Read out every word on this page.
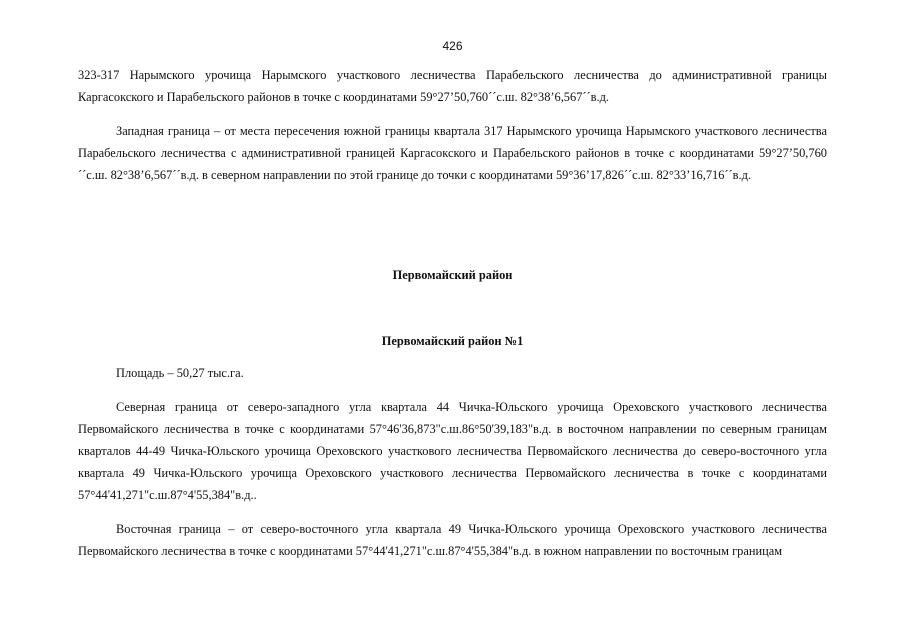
426

323-317 Нарымского урочища Нарымского участкового лесничества Парабельского лесничества до административной границы Каргасокского и Парабельского районов в точке с координатами 59°27’50,760´´с.ш. 82°38’6,567´´в.д.

Западная граница – от места пересечения южной границы квартала 317 Нарымского урочища Нарымского участкового лесничества Парабельского лесничества с административной границей Каргасокского и Парабельского районов в точке с координатами 59°27’50,760´´с.ш. 82°38’6,567´´в.д. в северном направлении по этой границе до точки с координатами 59°36’17,826´´с.ш. 82°33’16,716´´в.д.

Первомайский район

Первомайский район №1

Площадь – 50,27 тыс.га.

Северная граница от северо-западного угла квартала 44 Чичка-Юльского урочища Ореховского участкового лесничества Первомайского лесничества в точке с координатами 57°46'36,873"с.ш.86°50'39,183"в.д. в восточном направлении по северным границам кварталов 44-49 Чичка-Юльского урочища Ореховского участкового лесничества Первомайского лесничества до северо-восточного угла квартала 49 Чичка-Юльского урочища Ореховского участкового лесничества Первомайского лесничества в точке с координатами 57°44'41,271"с.ш.87°4'55,384"в.д..

Восточная граница – от северо-восточного угла квартала 49 Чичка-Юльского урочища Ореховского участкового лесничества Первомайского лесничества в точке с координатами 57°44'41,271"с.ш.87°4'55,384"в.д. в южном направлении по восточным границам
